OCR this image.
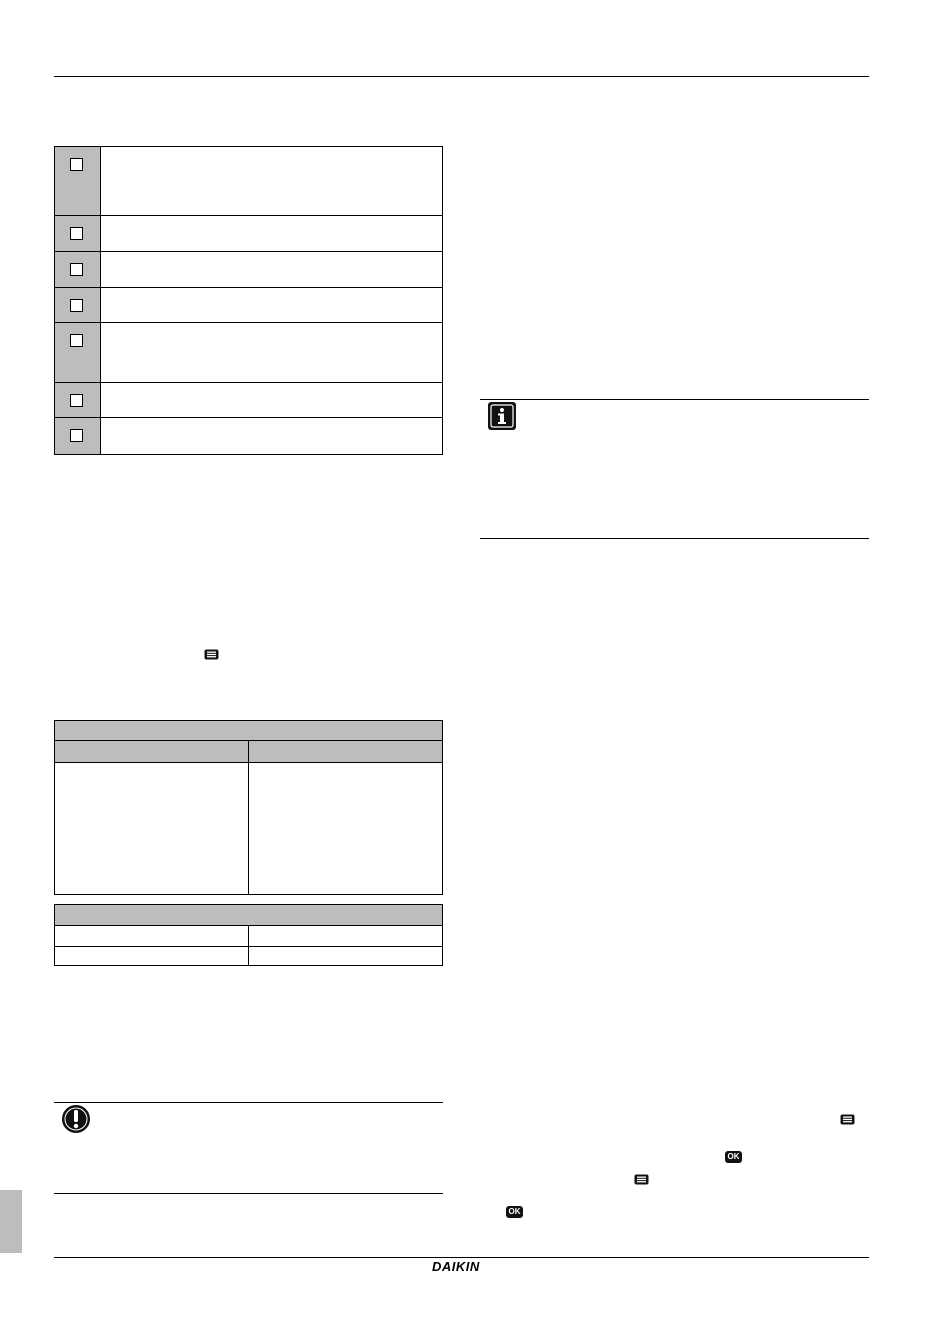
OK
OK
DAIKIN
